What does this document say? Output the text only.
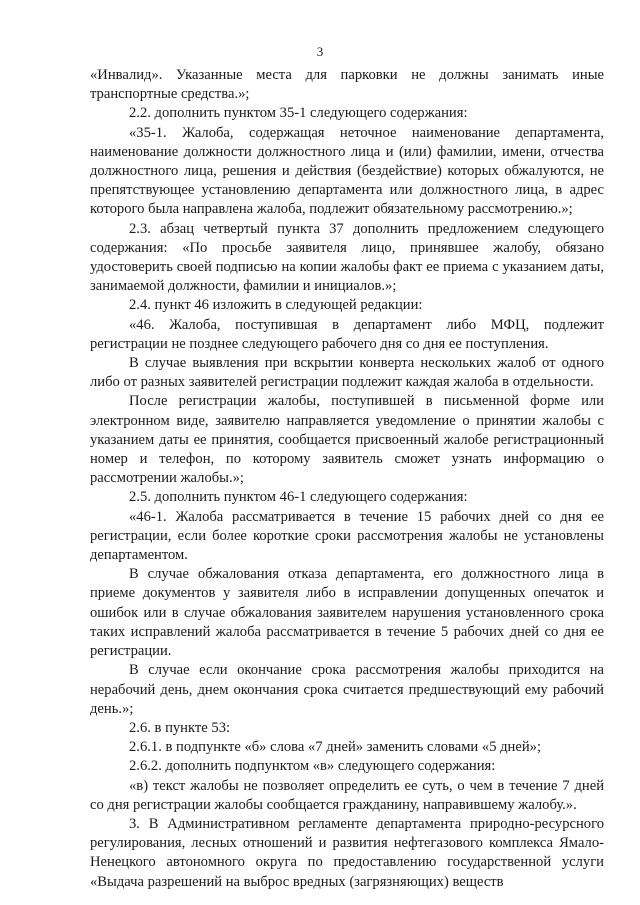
3

«Инвалид». Указанные места для парковки не должны занимать иные транспортные средства.»;

2.2. дополнить пунктом 35-1 следующего содержания:

«35-1. Жалоба, содержащая неточное наименование департамента, наименование должности должностного лица и (или) фамилии, имени, отчества должностного лица, решения и действия (бездействие) которых обжалуются, не препятствующее установлению департамента или должностного лица, в адрес которого была направлена жалоба, подлежит обязательному рассмотрению.»;

2.3. абзац четвертый пункта 37 дополнить предложением следующего содержания: «По просьбе заявителя лицо, принявшее жалобу, обязано удостоверить своей подписью на копии жалобы факт ее приема с указанием даты, занимаемой должности, фамилии и инициалов.»;

2.4. пункт 46 изложить в следующей редакции:

«46. Жалоба, поступившая в департамент либо МФЦ, подлежит регистрации не позднее следующего рабочего дня со дня ее поступления.

В случае выявления при вскрытии конверта нескольких жалоб от одного либо от разных заявителей регистрации подлежит каждая жалоба в отдельности.

После регистрации жалобы, поступившей в письменной форме или электронном виде, заявителю направляется уведомление о принятии жалобы с указанием даты ее принятия, сообщается присвоенный жалобе регистрационный номер и телефон, по которому заявитель сможет узнать информацию о рассмотрении жалобы.»;

2.5. дополнить пунктом 46-1 следующего содержания:

«46-1. Жалоба рассматривается в течение 15 рабочих дней со дня ее регистрации, если более короткие сроки рассмотрения жалобы не установлены департаментом.

В случае обжалования отказа департамента, его должностного лица в приеме документов у заявителя либо в исправлении допущенных опечаток и ошибок или в случае обжалования заявителем нарушения установленного срока таких исправлений жалоба рассматривается в течение 5 рабочих дней со дня ее регистрации.

В случае если окончание срока рассмотрения жалобы приходится на нерабочий день, днем окончания срока считается предшествующий ему рабочий день.»;

2.6. в пункте 53:

2.6.1. в подпункте «б» слова «7 дней» заменить словами «5 дней»;

2.6.2. дополнить подпунктом «в» следующего содержания:

«в) текст жалобы не позволяет определить ее суть, о чем в течение 7 дней со дня регистрации жалобы сообщается гражданину, направившему жалобу.».

3. В Административном регламенте департамента природно-ресурсного регулирования, лесных отношений и развития нефтегазового комплекса Ямало-Ненецкого автономного округа по предоставлению государственной услуги «Выдача разрешений на выброс вредных (загрязняющих) веществ
